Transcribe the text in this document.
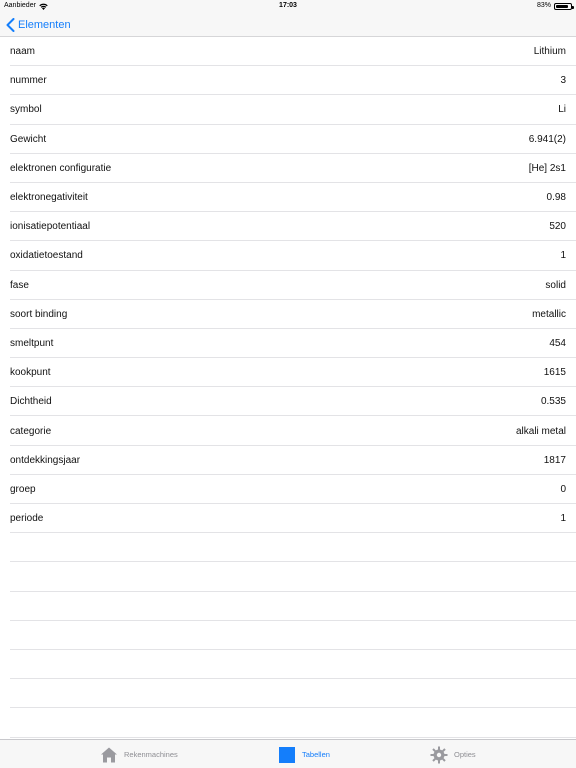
Aanbieder	17:03	83%
Elementen
naam	Lithium
nummer	3
symbol	Li
Gewicht	6.941(2)
elektronen configuratie	[He] 2s1
elektronegativiteit	0.98
ionisatiepotentiaal	520
oxidatietoestand	1
fase	solid
soort binding	metallic
smeltpunt	454
kookpunt	1615
Dichtheid	0.535
categorie	alkali metal
ontdekkingsjaar	1817
groep	0
periode	1
Rekenmachines	Tabellen	Opties
